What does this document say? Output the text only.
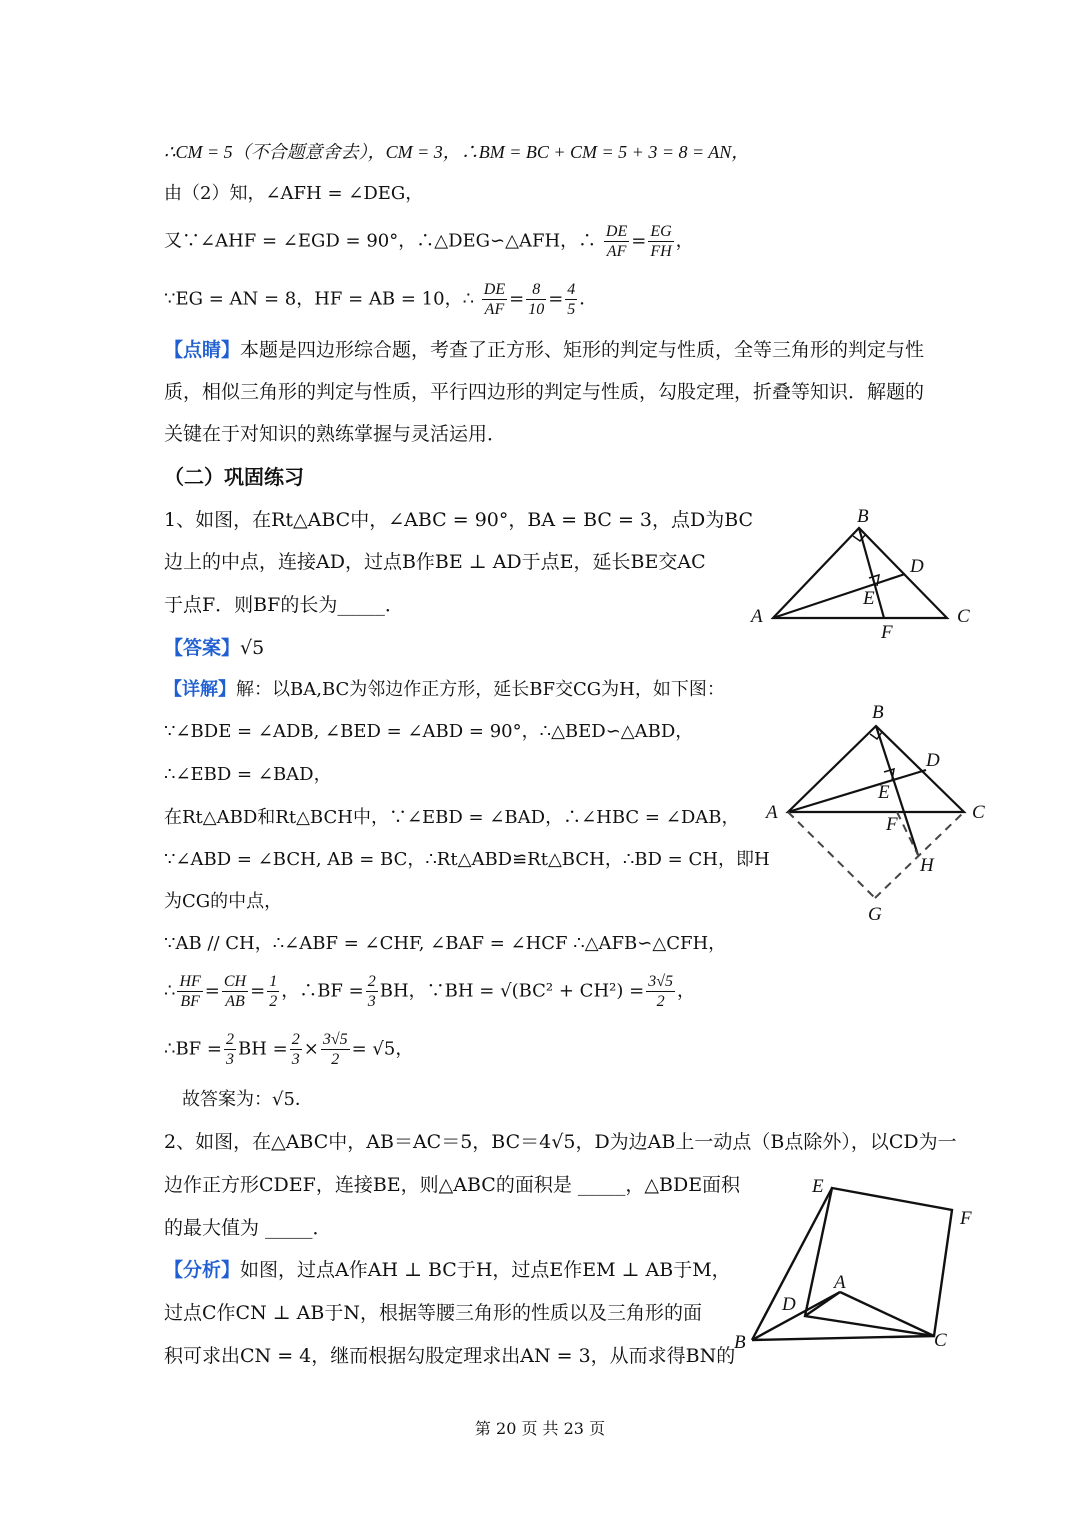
∴CM = 5（不合题意舍去），CM = 3，∴BM = BC + CM = 5 + 3 = 8 = AN，
由（2）知，∠AFH = ∠DEG，
又∵∠AHF = ∠EGD = 90°，∴△DEG∽△AFH，∴ $\frac{DE}{AF} = \frac{EG}{FH}$ ，
∵EG = AN = 8，HF = AB = 10，∴ $\frac{DE}{AF} = \frac{8}{10} = \frac{4}{5}$ ．
【点睛】本题是四边形综合题，考查了正方形、矩形的判定与性质，全等三角形的判定与性
质，相似三角形的判定与性质，平行四边形的判定与性质，勾股定理，折叠等知识．解题的
关键在于对知识的熟练掌握与灵活运用．
（二）巩固练习
1、如图，在Rt△ABC中，∠ABC = 90°，BA = BC = 3，点D为BC
边上的中点，连接AD，过点B作BE ⊥ AD于点E，延长BE交AC
于点F．则BF的长为_____．
【答案】√5
【详解】解：以BA,BC为邻边作正方形，延长BF交CG为H，如下图：
∵∠BDE = ∠ADB, ∠BED = ∠ABD = 90°，∴△BED∽△ABD，
∴∠EBD = ∠BAD，
在Rt△ABD和Rt△BCH中，∵∠EBD = ∠BAD，∴∠HBC = ∠DAB，
∵∠ABD = ∠BCH, AB = BC，∴Rt△ABD≌Rt△BCH，∴BD = CH，即H
为CG的中点，
∵AB // CH，∴∠ABF = ∠CHF, ∠BAF = ∠HCF ∴△AFB∽△CFH，
∴ $\frac{HF}{BF} = \frac{CH}{AB} = \frac{1}{2}$ ，∴BF = $\frac{2}{3}$ BH，∵BH = $√(BC^2 + CH^2) = \frac{3√5}{2}$ ，
∴BF = $\frac{2}{3}$ BH = $\frac{2}{3} \times \frac{3√5}{2} = √5$，
故答案为：√5．
2、如图，在△ABC中，AB＝AC＝5，BC＝4√5，D为边AB上一动点（B点除外），以CD为一
边作正方形CDEF，连接BE，则△ABC的面积是 _____，△BDE面积
的最大值为 _____．
【分析】如图，过点A作AH ⊥ BC于H，过点E作EM ⊥ AB于M，
过点C作CN ⊥ AB于N，根据等腰三角形的性质以及三角形的面
积可求出CN = 4，继而根据勾股定理求出AN = 3，从而求得BN的
B
D
E
A	C
F
B
D
E
A	C
F
H
G
E
F
A
D
B	C
第 20 页 共 23 页
